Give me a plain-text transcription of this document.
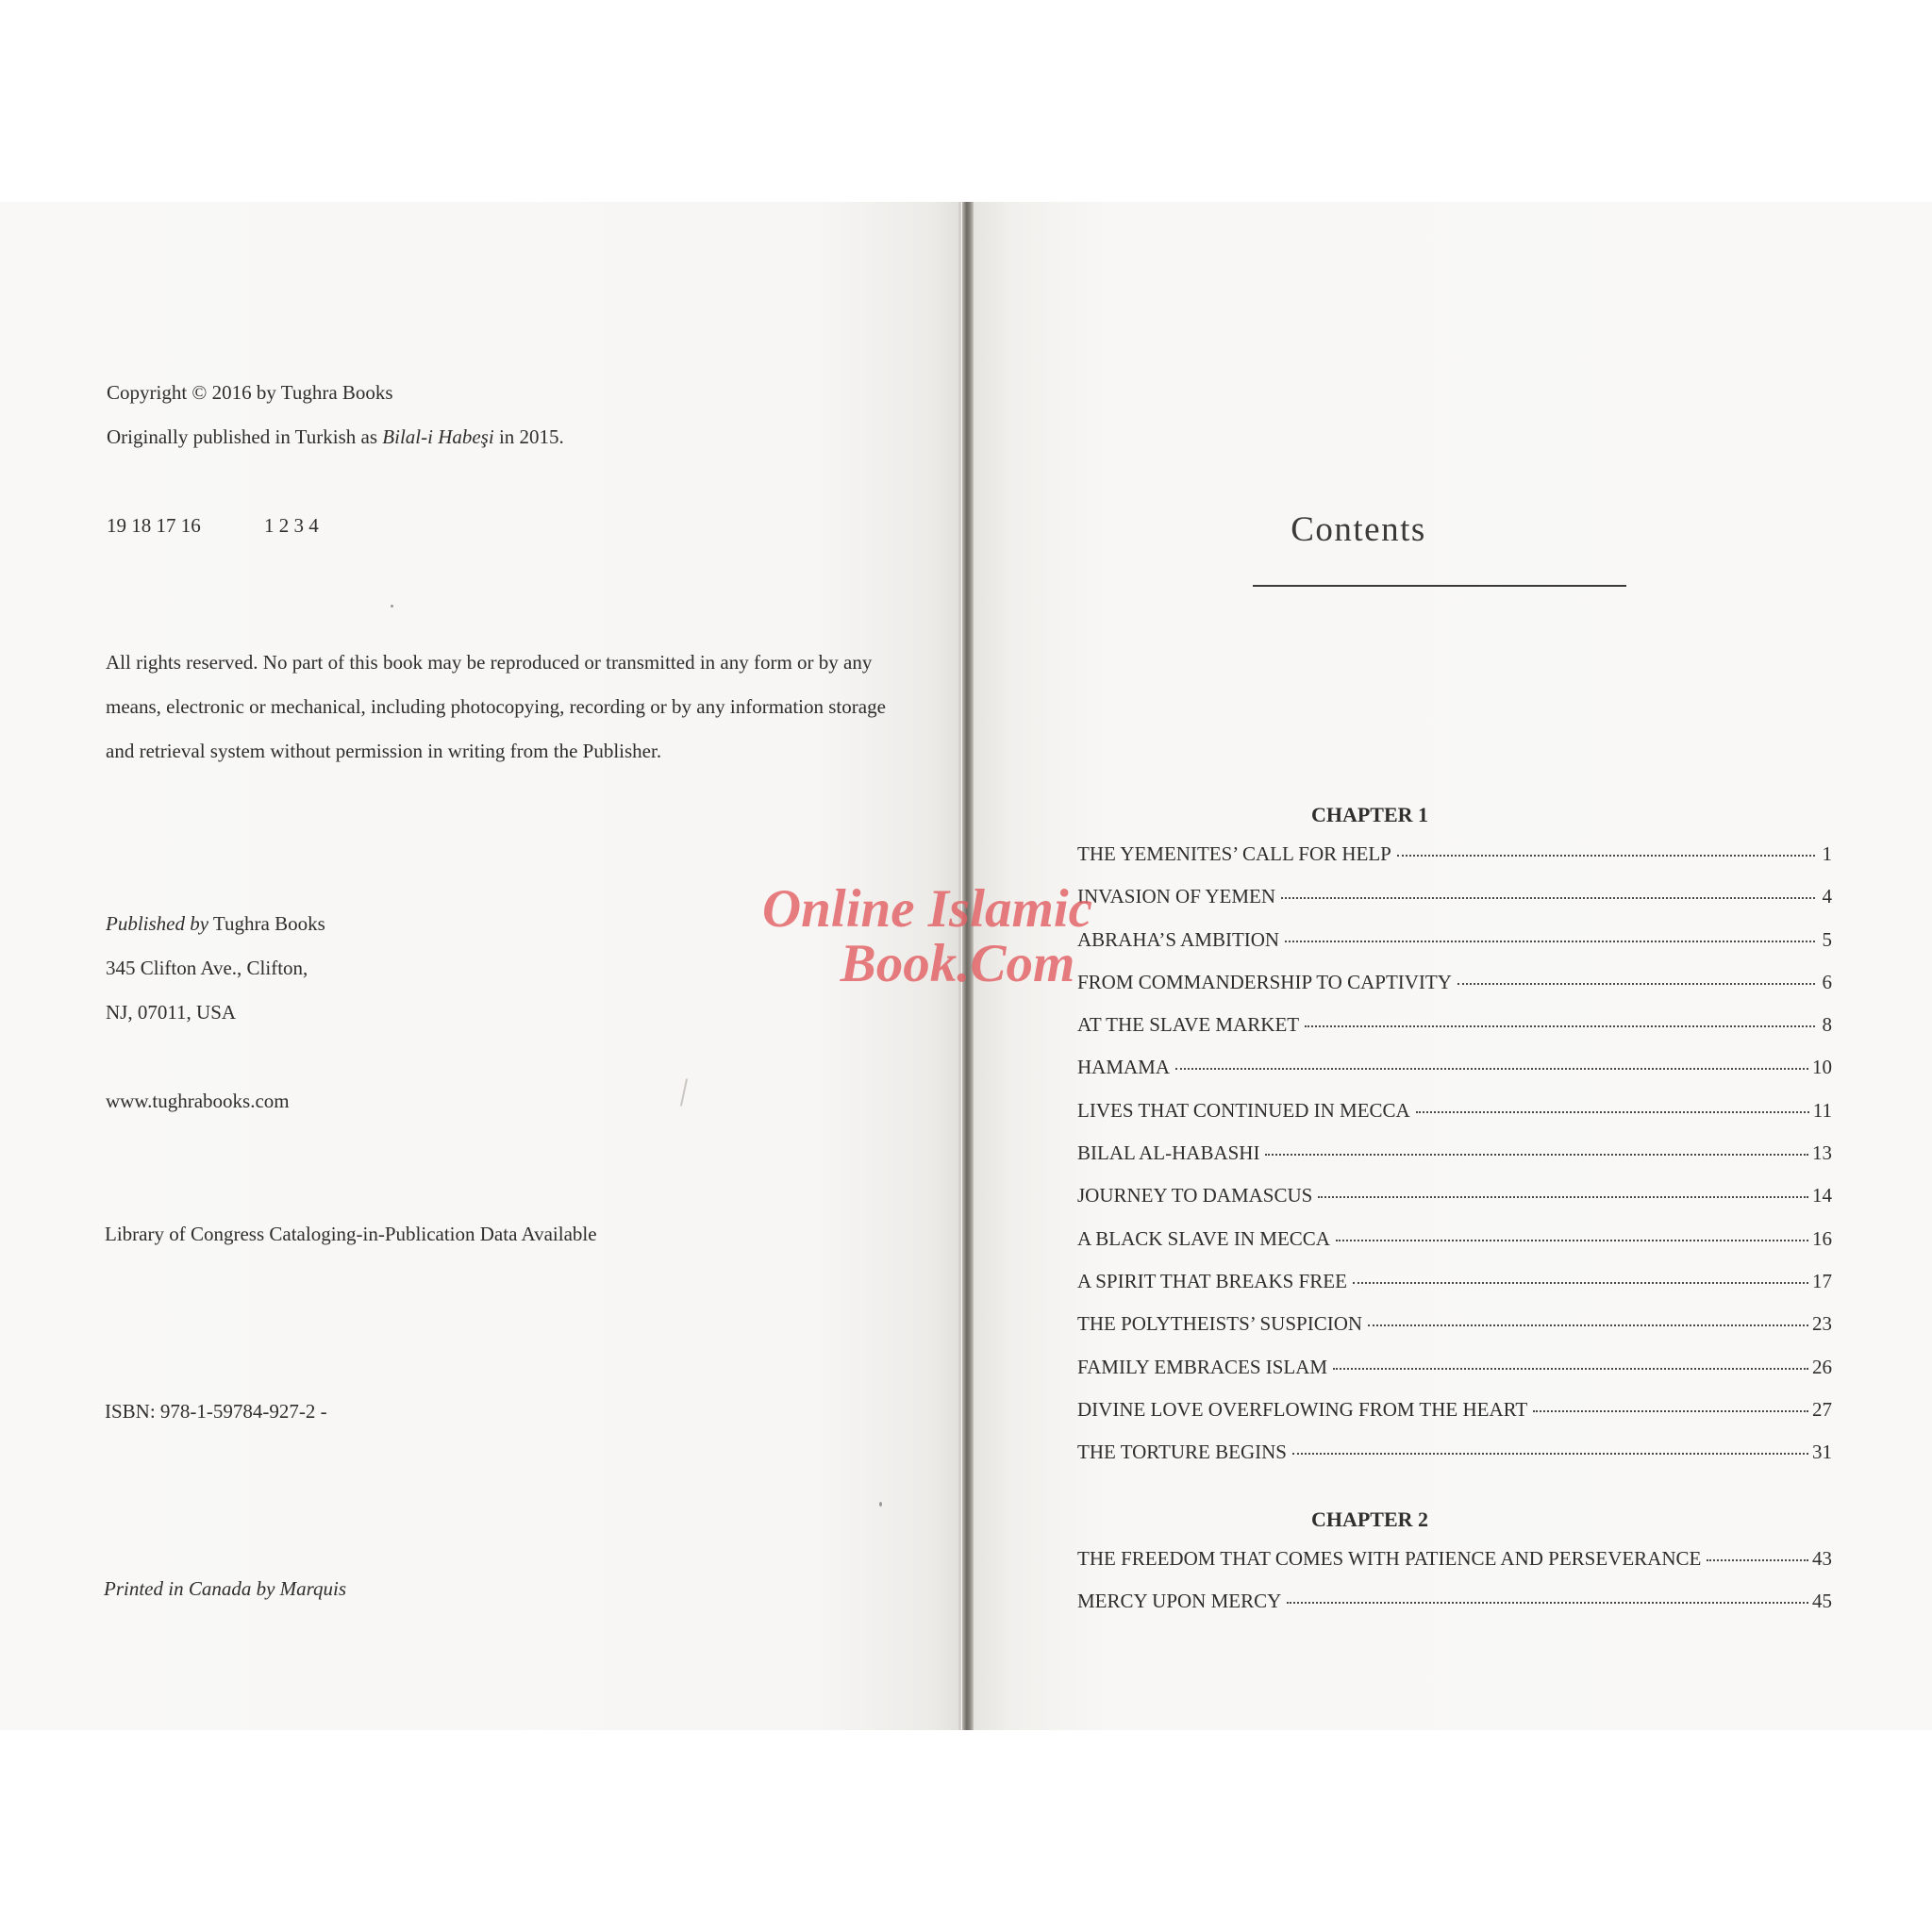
Copyright © 2016 by Tughra Books
Originally published in Turkish as Bilal-i Habeşi in 2015.
19 18 17 16	1 2 3 4
All rights reserved. No part of this book may be reproduced or transmitted in any form or by any means, electronic or mechanical, including photocopying, recording or by any information storage and retrieval system without permission in writing from the Publisher.
Published by Tughra Books
345 Clifton Ave., Clifton,
NJ, 07011, USA
www.tughrabooks.com
Library of Congress Cataloging-in-Publication Data Available
ISBN: 978-1-59784-927-2 -
Printed in Canada by Marquis
Contents
CHAPTER 1
THE YEMENITES’ CALL FOR HELP	1
INVASION OF YEMEN	4
ABRAHA’S AMBITION	5
FROM COMMANDERSHIP TO CAPTIVITY	6
AT THE SLAVE MARKET	8
HAMAMA	10
LIVES THAT CONTINUED IN MECCA	11
BILAL AL-HABASHI	13
JOURNEY TO DAMASCUS	14
A BLACK SLAVE IN MECCA	16
A SPIRIT THAT BREAKS FREE	17
THE POLYTHEISTS’ SUSPICION	23
FAMILY EMBRACES ISLAM	26
DIVINE LOVE OVERFLOWING FROM THE HEART	27
THE TORTURE BEGINS	31
CHAPTER 2
THE FREEDOM THAT COMES WITH PATIENCE AND PERSEVERANCE	43
MERCY UPON MERCY	45
Online Islamic
Book.Com
